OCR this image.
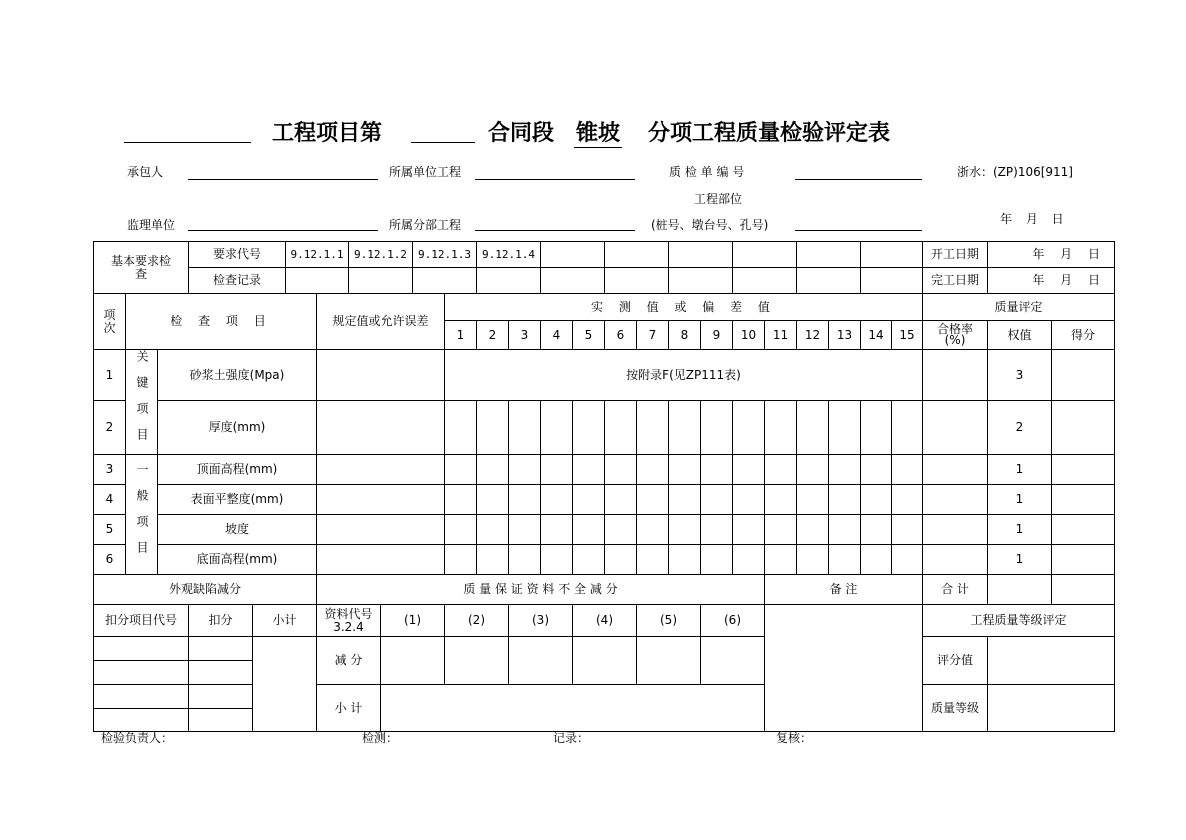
工程项目第	合同段 锥坡 分项工程质量检验评定表
承包人	所属单位工程	质 检 单 编 号	浙水：(ZP)106[911]
工程部位
监理单位	所属分部工程	(桩号、墩台号、孔号)	年 月 日
基本要求检查			要求代号		9.12.1.1		9.12.1.2		9.12.1.3		9.12.1.4														开工日期	年 月 日	
			检查记录																						完工日期	年 月 日	
项次	检 查 项 目					规定值或允许误差				实 测 值 或 偏 差 值															质量评定		
										1	2	3	4	5	6	7	8	9	10	11	12	13	14	15	合格率(%)	权值	得分
1	关键项目	砂浆土强度(Mpa)								按附录F(见ZP111表)																3	
2		厚度(mm)																								2	
3	一般项目	顶面高程(mm)																								1	
4		表面平整度(mm)																								1	
5		坡度																								1	
6		底面高程(mm)																								1	
外观缺陷减分						质 量 保 证 资 料 不 全 减 分														备 注					合 计		
扣分项目代号			扣分	小计		资料代号 3.2.4		(1)		(2)		(3)		(4)		(5)		(6)							工程质量等级评定		
						减 分																			评分值		

						小 计																			质量等级		

检验负责人：	检测：	记录：	复核：
